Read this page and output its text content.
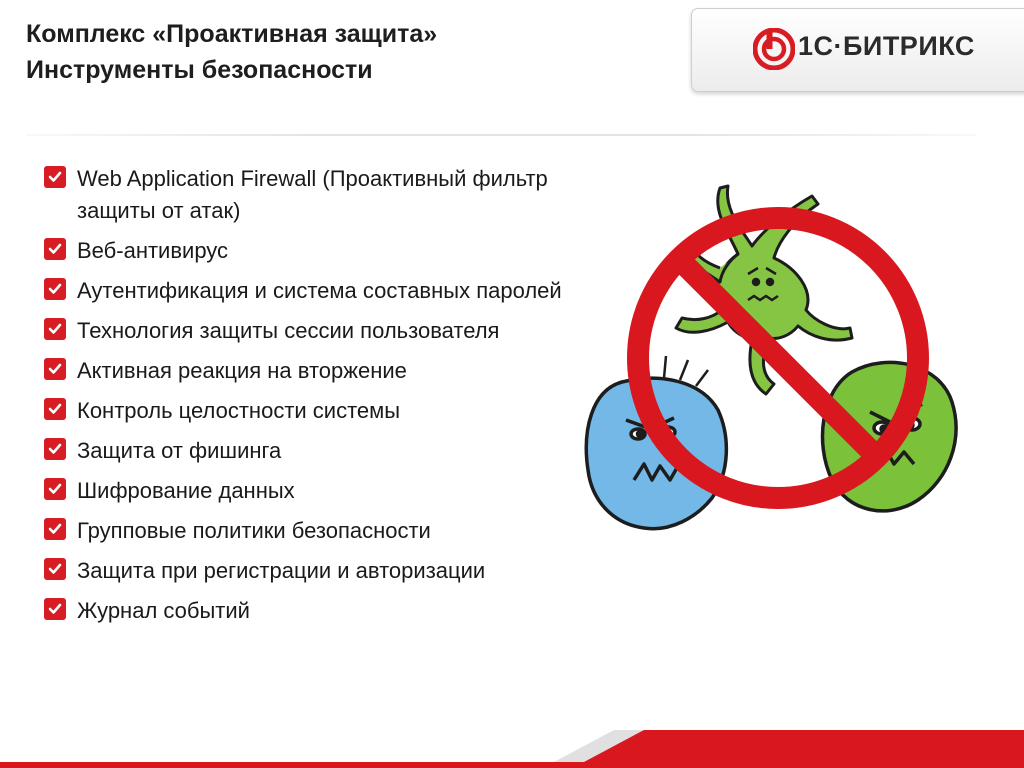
Комплекс «Проактивная защита»
Инструменты безопасности
1С·БИТРИКС
Web Application Firewall (Проактивный фильтр защиты от атак)
Веб-антивирус
Аутентификация и система составных паролей
Технология защиты сессии пользователя
Активная реакция на вторжение
Контроль целостности системы
Защита от фишинга
Шифрование данных
Групповые политики безопасности
Защита при регистрации и авторизации
Журнал событий
